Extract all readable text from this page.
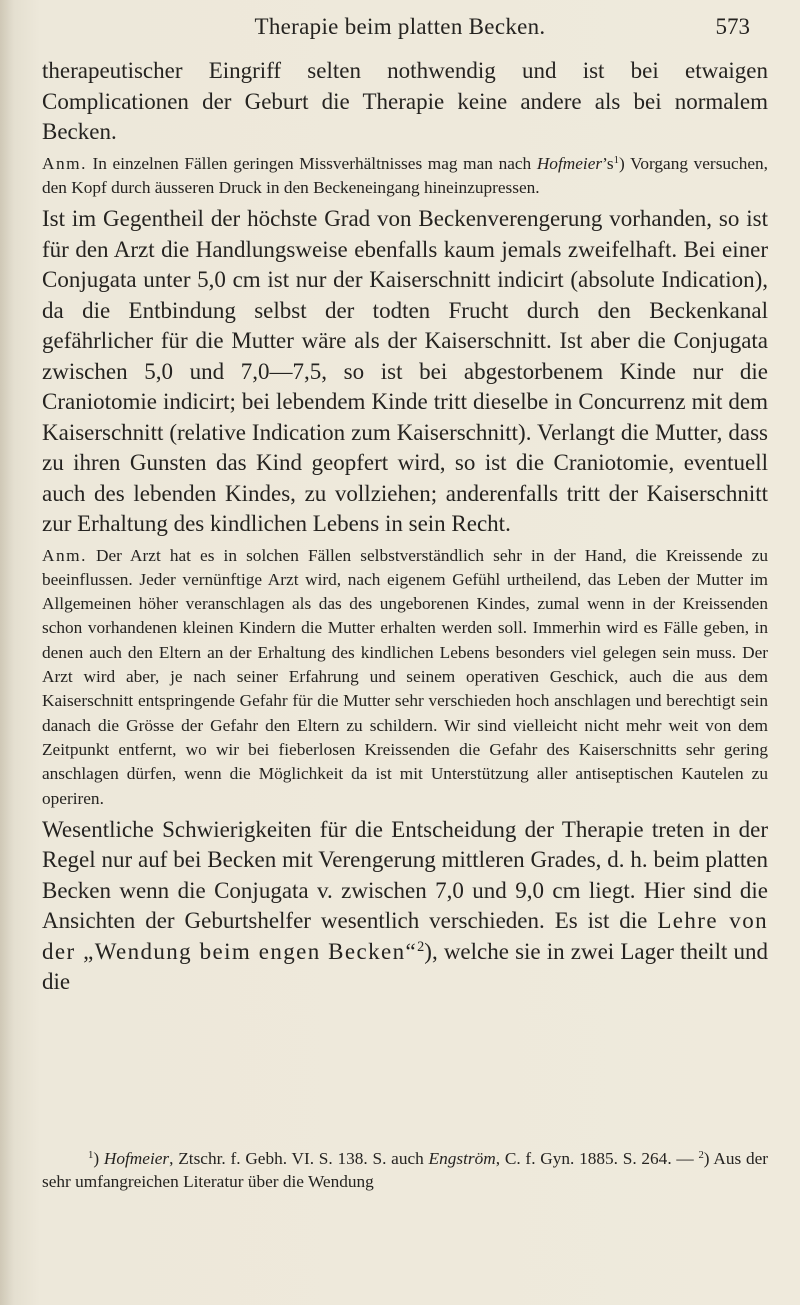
Therapie beim platten Becken.	573

therapeutischer Eingriff selten nothwendig und ist bei etwaigen Complicationen der Geburt die Therapie keine andere als bei normalem Becken.

Anm. In einzelnen Fällen geringen Missverhältnisses mag man nach $Hofmeier’s^1$) Vorgang versuchen, den Kopf durch äusseren Druck in den Beckeneingang hineinzupressen.

Ist im Gegentheil der höchste Grad von Beckenverengerung vorhanden, so ist für den Arzt die Handlungsweise ebenfalls kaum jemals zweifelhaft. Bei einer Conjugata unter 5,0 cm ist nur der Kaiserschnitt indicirt (absolute Indication), da die Entbindung selbst der todten Frucht durch den Beckenkanal gefährlicher für die Mutter wäre als der Kaiserschnitt. Ist aber die Conjugata zwischen 5,0 und 7,0—7,5, so ist bei abgestorbenem Kinde nur die Craniotomie indicirt; bei lebendem Kinde tritt dieselbe in Concurrenz mit dem Kaiserschnitt (relative Indication zum Kaiserschnitt). Verlangt die Mutter, dass zu ihren Gunsten das Kind geopfert wird, so ist die Craniotomie, eventuell auch des lebenden Kindes, zu vollziehen; anderenfalls tritt der Kaiserschnitt zur Erhaltung des kindlichen Lebens in sein Recht.

Anm. Der Arzt hat es in solchen Fällen selbstverständlich sehr in der Hand, die Kreissende zu beeinflussen. Jeder vernünftige Arzt wird, nach eigenem Gefühl urtheilend, das Leben der Mutter im Allgemeinen höher veranschlagen als das des ungeborenen Kindes, zumal wenn in der Kreissenden schon vorhandenen kleinen Kindern die Mutter erhalten werden soll. Immerhin wird es Fälle geben, in denen auch den Eltern an der Erhaltung des kindlichen Lebens besonders viel gelegen sein muss. Der Arzt wird aber, je nach seiner Erfahrung und seinem operativen Geschick, auch die aus dem Kaiserschnitt entspringende Gefahr für die Mutter sehr verschieden hoch anschlagen und berechtigt sein danach die Grösse der Gefahr den Eltern zu schildern. Wir sind vielleicht nicht mehr weit von dem Zeitpunkt entfernt, wo wir bei fieberlosen Kreissenden die Gefahr des Kaiserschnitts sehr gering anschlagen dürfen, wenn die Möglichkeit da ist mit Unterstützung aller antiseptischen Kautelen zu operiren.

Wesentliche Schwierigkeiten für die Entscheidung der Therapie treten in der Regel nur auf bei Becken mit Verengerung mittleren Grades, d. h. beim platten Becken wenn die Conjugata v. zwischen 7,0 und 9,0 cm liegt. Hier sind die Ansichten der Geburtshelfer wesentlich verschieden. Es ist die Lehre von der „Wendung beim engen Becken“$^2$), welche sie in zwei Lager theilt und die

$^1$) Hofmeier, Ztschr. f. Gebh. VI. S. 138. S. auch Engström, C. f. Gyn. 1885. S. 264. — $^2$) Aus der sehr umfangreichen Literatur über die Wendung
